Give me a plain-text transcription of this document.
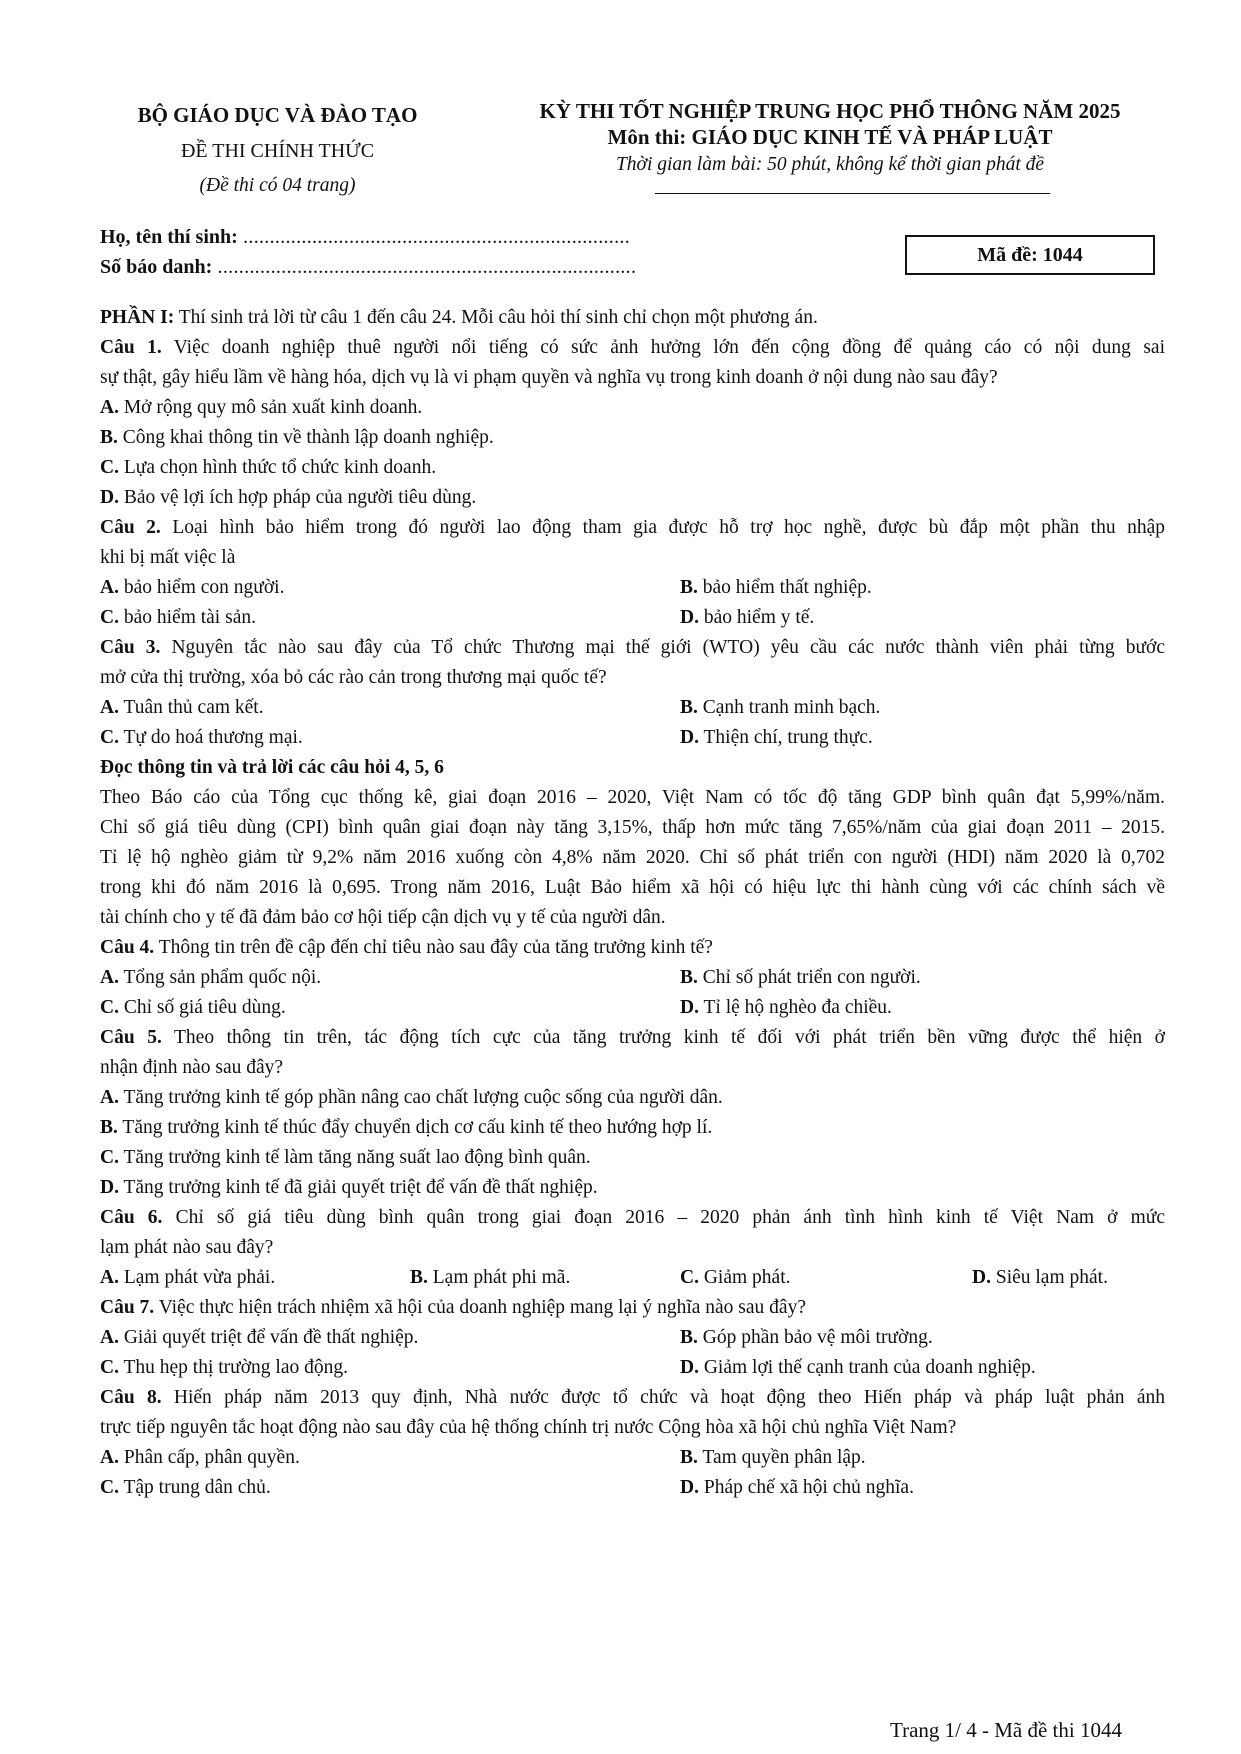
BỘ GIÁO DỤC VÀ ĐÀO TẠO
ĐỀ THI CHÍNH THỨC
(Đề thi có 04 trang)
KỲ THI TỐT NGHIỆP TRUNG HỌC PHỔ THÔNG NĂM 2025
Môn thi: GIÁO DỤC KINH TẾ VÀ PHÁP LUẬT
Thời gian làm bài: 50 phút, không kể thời gian phát đề
Họ, tên thí sinh: .........................................................................
Số báo danh: ...............................................................................
Mã đề: 1044

PHẦN I: Thí sinh trả lời từ câu 1 đến câu 24. Mỗi câu hỏi thí sinh chỉ chọn một phương án.

Câu 1. Việc doanh nghiệp thuê người nổi tiếng có sức ảnh hưởng lớn đến cộng đồng để quảng cáo có nội dung sai

sự thật, gây hiểu lầm về hàng hóa, dịch vụ là vi phạm quyền và nghĩa vụ trong kinh doanh ở nội dung nào sau đây?

A. Mở rộng quy mô sản xuất kinh doanh.

B. Công khai thông tin về thành lập doanh nghiệp.

C. Lựa chọn hình thức tổ chức kinh doanh.

D. Bảo vệ lợi ích hợp pháp của người tiêu dùng.

Câu 2. Loại hình bảo hiểm trong đó người lao động tham gia được hỗ trợ học nghề, được bù đắp một phần thu nhập

khi bị mất việc là

A. bảo hiểm con người.	B. bảo hiểm thất nghiệp.
C. bảo hiểm tài sản.	D. bảo hiểm y tế.

Câu 3. Nguyên tắc nào sau đây của Tổ chức Thương mại thế giới (WTO) yêu cầu các nước thành viên phải từng bước

mở cửa thị trường, xóa bỏ các rào cản trong thương mại quốc tế?

A. Tuân thủ cam kết.	B. Cạnh tranh minh bạch.
C. Tự do hoá thương mại.	D. Thiện chí, trung thực.

Đọc thông tin và trả lời các câu hỏi 4, 5, 6

Theo Báo cáo của Tổng cục thống kê, giai đoạn 2016 – 2020, Việt Nam có tốc độ tăng GDP bình quân đạt 5,99%/năm.

Chỉ số giá tiêu dùng (CPI) bình quân giai đoạn này tăng 3,15%, thấp hơn mức tăng 7,65%/năm của giai đoạn 2011 – 2015.

Tỉ lệ hộ nghèo giảm từ 9,2% năm 2016 xuống còn 4,8% năm 2020. Chỉ số phát triển con người (HDI) năm 2020 là 0,702

trong khi đó năm 2016 là 0,695. Trong năm 2016, Luật Bảo hiểm xã hội có hiệu lực thi hành cùng với các chính sách về

tài chính cho y tế đã đảm bảo cơ hội tiếp cận dịch vụ y tế của người dân.

Câu 4. Thông tin trên đề cập đến chỉ tiêu nào sau đây của tăng trưởng kinh tế?

A. Tổng sản phẩm quốc nội.	B. Chỉ số phát triển con người.
C. Chỉ số giá tiêu dùng.	D. Tỉ lệ hộ nghèo đa chiều.

Câu 5. Theo thông tin trên, tác động tích cực của tăng trưởng kinh tế đối với phát triển bền vững được thể hiện ở

nhận định nào sau đây?

A. Tăng trưởng kinh tế góp phần nâng cao chất lượng cuộc sống của người dân.

B. Tăng trưởng kinh tế thúc đẩy chuyển dịch cơ cấu kinh tế theo hướng hợp lí.

C. Tăng trưởng kinh tế làm tăng năng suất lao động bình quân.

D. Tăng trưởng kinh tế đã giải quyết triệt để vấn đề thất nghiệp.

Câu 6. Chỉ số giá tiêu dùng bình quân trong giai đoạn 2016 – 2020 phản ánh tình hình kinh tế Việt Nam ở mức

lạm phát nào sau đây?

A. Lạm phát vừa phải.	B. Lạm phát phi mã.	C. Giảm phát.	D. Siêu lạm phát.

Câu 7. Việc thực hiện trách nhiệm xã hội của doanh nghiệp mang lại ý nghĩa nào sau đây?

A. Giải quyết triệt để vấn đề thất nghiệp.	B. Góp phần bảo vệ môi trường.
C. Thu hẹp thị trường lao động.	D. Giảm lợi thế cạnh tranh của doanh nghiệp.

Câu 8. Hiến pháp năm 2013 quy định, Nhà nước được tổ chức và hoạt động theo Hiến pháp và pháp luật phản ánh

trực tiếp nguyên tắc hoạt động nào sau đây của hệ thống chính trị nước Cộng hòa xã hội chủ nghĩa Việt Nam?

A. Phân cấp, phân quyền.	B. Tam quyền phân lập.
C. Tập trung dân chủ.	D. Pháp chế xã hội chủ nghĩa.
Trang 1/ 4 - Mã đề thi 1044
